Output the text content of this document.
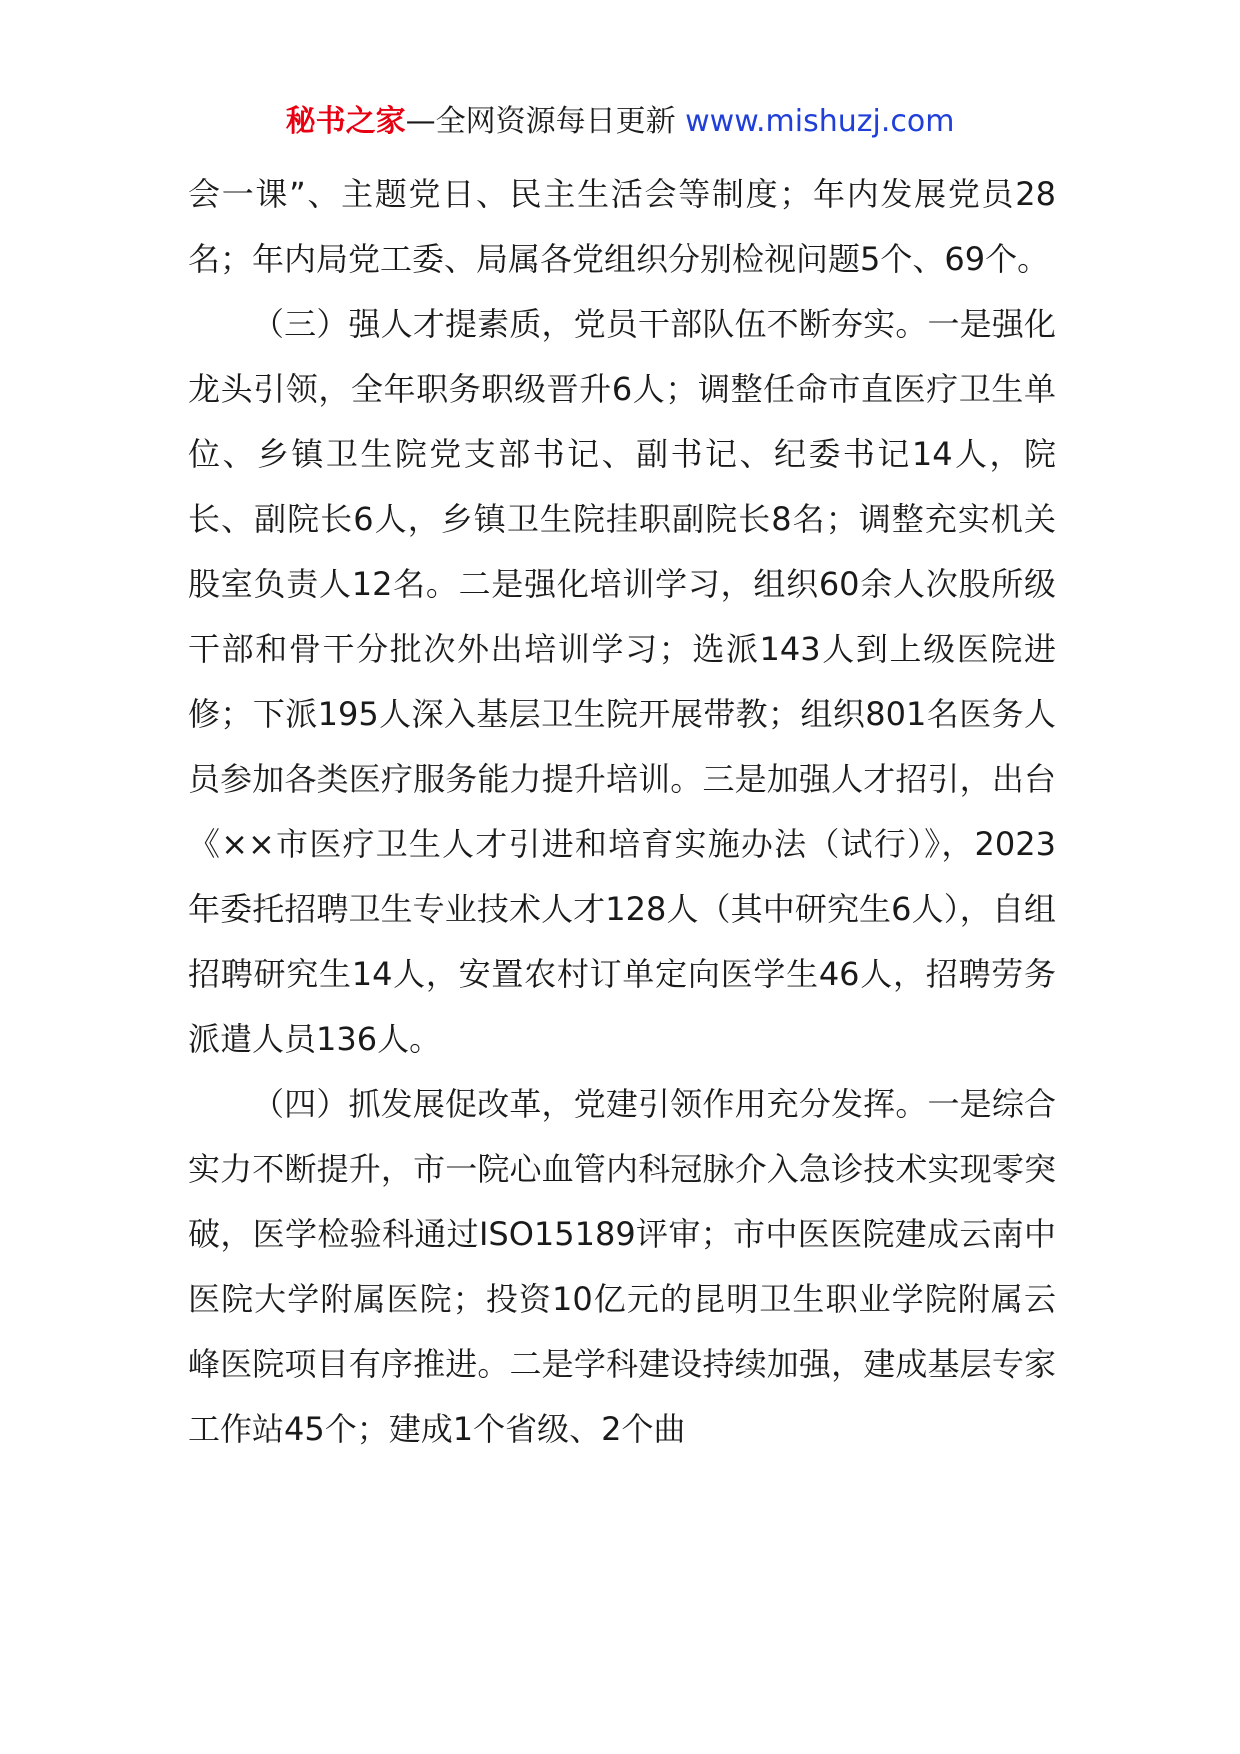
秘书之家—全网资源每日更新 www.mishuzj.com

会一课”、主题党日、民主生活会等制度；年内发展党员28名；年内局党工委、局属各党组织分别检视问题5个、69个。

（三）强人才提素质，党员干部队伍不断夯实。一是强化龙头引领，全年职务职级晋升6人；调整任命市直医疗卫生单位、乡镇卫生院党支部书记、副书记、纪委书记14人，院长、副院长6人，乡镇卫生院挂职副院长8名；调整充实机关股室负责人12名。二是强化培训学习，组织60余人次股所级干部和骨干分批次外出培训学习；选派143人到上级医院进修；下派195人深入基层卫生院开展带教；组织801名医务人员参加各类医疗服务能力提升培训。三是加强人才招引，出台《××市医疗卫生人才引进和培育实施办法（试行）》，2023年委托招聘卫生专业技术人才128人（其中研究生6人），自组招聘研究生14人，安置农村订单定向医学生46人，招聘劳务派遣人员136人。

（四）抓发展促改革，党建引领作用充分发挥。一是综合实力不断提升，市一院心血管内科冠脉介入急诊技术实现零突破，医学检验科通过ISO15189评审；市中医医院建成云南中医院大学附属医院；投资10亿元的昆明卫生职业学院附属云峰医院项目有序推进。二是学科建设持续加强，建成基层专家工作站45个；建成1个省级、2个曲
